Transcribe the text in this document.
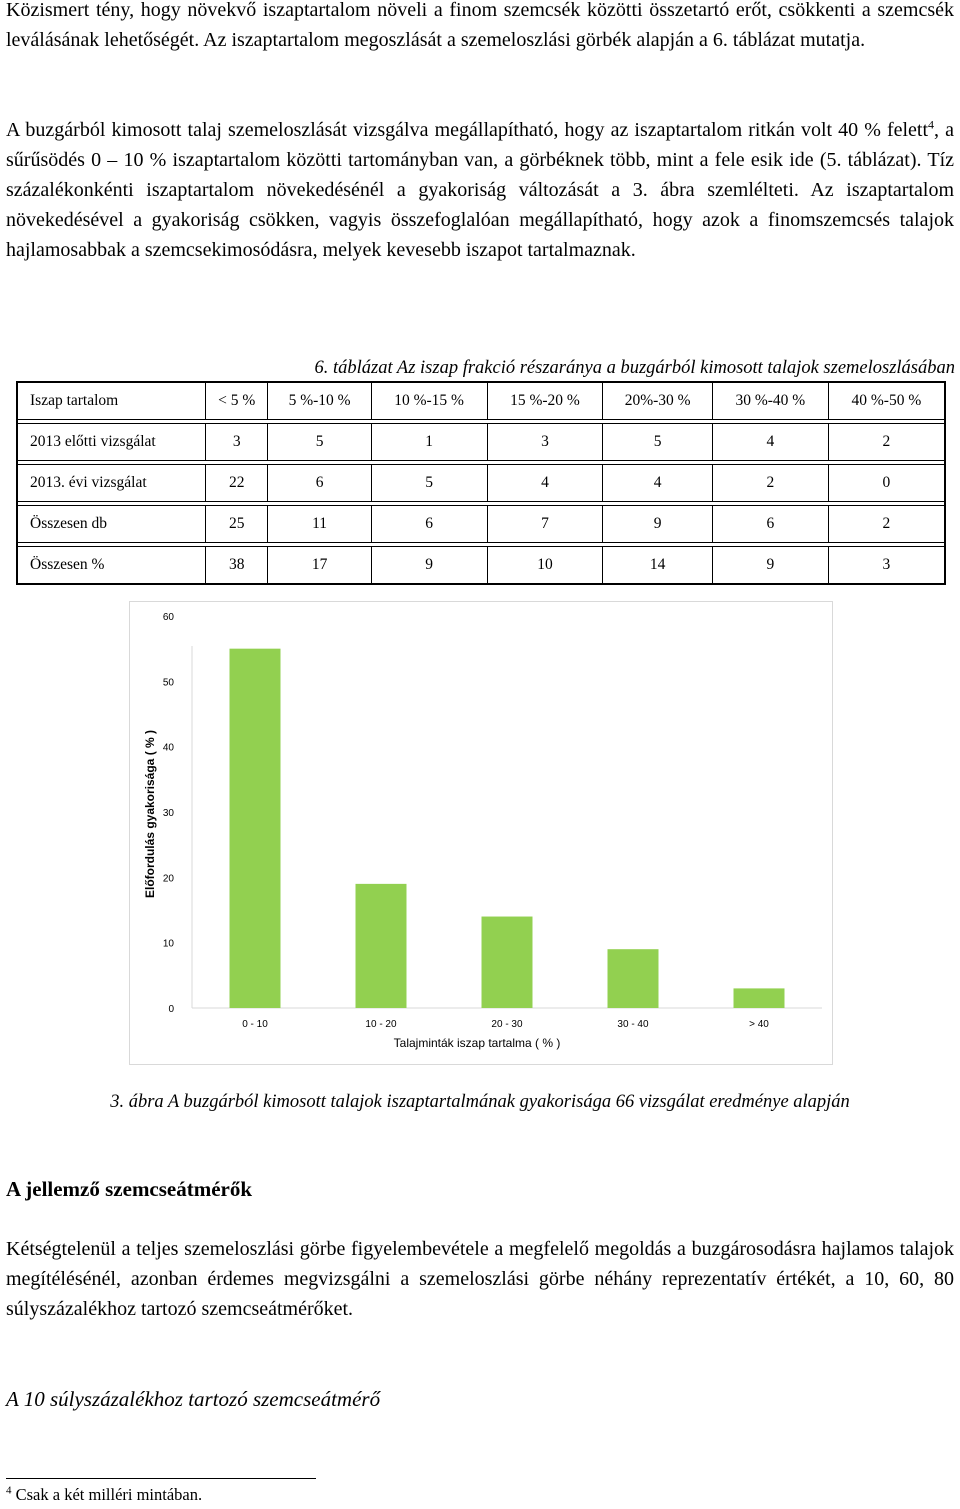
Közismert tény, hogy növekvő iszaptartalom növeli a finom szemcsék közötti összetartó erőt, csökkenti a szemcsék leválásának lehetőségét. Az iszaptartalom megoszlását a szemeloszlási görbék alapján a 6. táblázat mutatja.

A buzgárból kimosott talaj szemeloszlását vizsgálva megállapítható, hogy az iszaptartalom ritkán volt 40 % felett$^4$, a sűrűsödés 0 – 10 % iszaptartalom közötti tartományban van, a görbéknek több, mint a fele esik ide (5. táblázat). Tíz százalékonkénti iszaptartalom növekedésénél a gyakoriság változását a 3. ábra szemlélteti. Az iszaptartalom növekedésével a gyakoriság csökken, vagyis összefoglalóan megállapítható, hogy azok a finomszemcsés talajok hajlamosabbak a szemcsekimosódásra, melyek kevesebb iszapot tartalmaznak.

6. táblázat Az iszap frakció részaránya a buzgárból kimosott talajok szemeloszlásában
Iszap tartalom	< 5 %	5 %-10 %	10 %-15 %	15 %-20 %	20%-30 %	30 %-40 %	40 %-50 %

2013 előtti vizsgálat	3	5	1	3	5	4	2

2013. évi vizsgálat	22	6	5	4	4	2	0

Összesen db	25	11	6	7	9	6	2

Összesen %	38	17	9	10	14	9	3
0
10
20
30
40
50
60
0 - 10	10 - 20	20 - 30	30 - 40	> 40
Talajminták iszap tartalma ( % )
Előfordulás gyakorisága ( % )
3. ábra A buzgárból kimosott talajok iszaptartalmának gyakorisága 66 vizsgálat eredménye alapján

A jellemző szemcseátmérők

Kétségtelenül a teljes szemeloszlási görbe figyelembevétele a megfelelő megoldás a buzgárosodásra hajlamos talajok megítélésénél, azonban érdemes megvizsgálni a szemeloszlási görbe néhány reprezentatív értékét, a 10, 60, 80 súlyszázalékhoz tartozó szemcseátmérőket.

A 10 súlyszázalékhoz tartozó szemcseátmérő

$^4$ Csak a két milléri mintában.
